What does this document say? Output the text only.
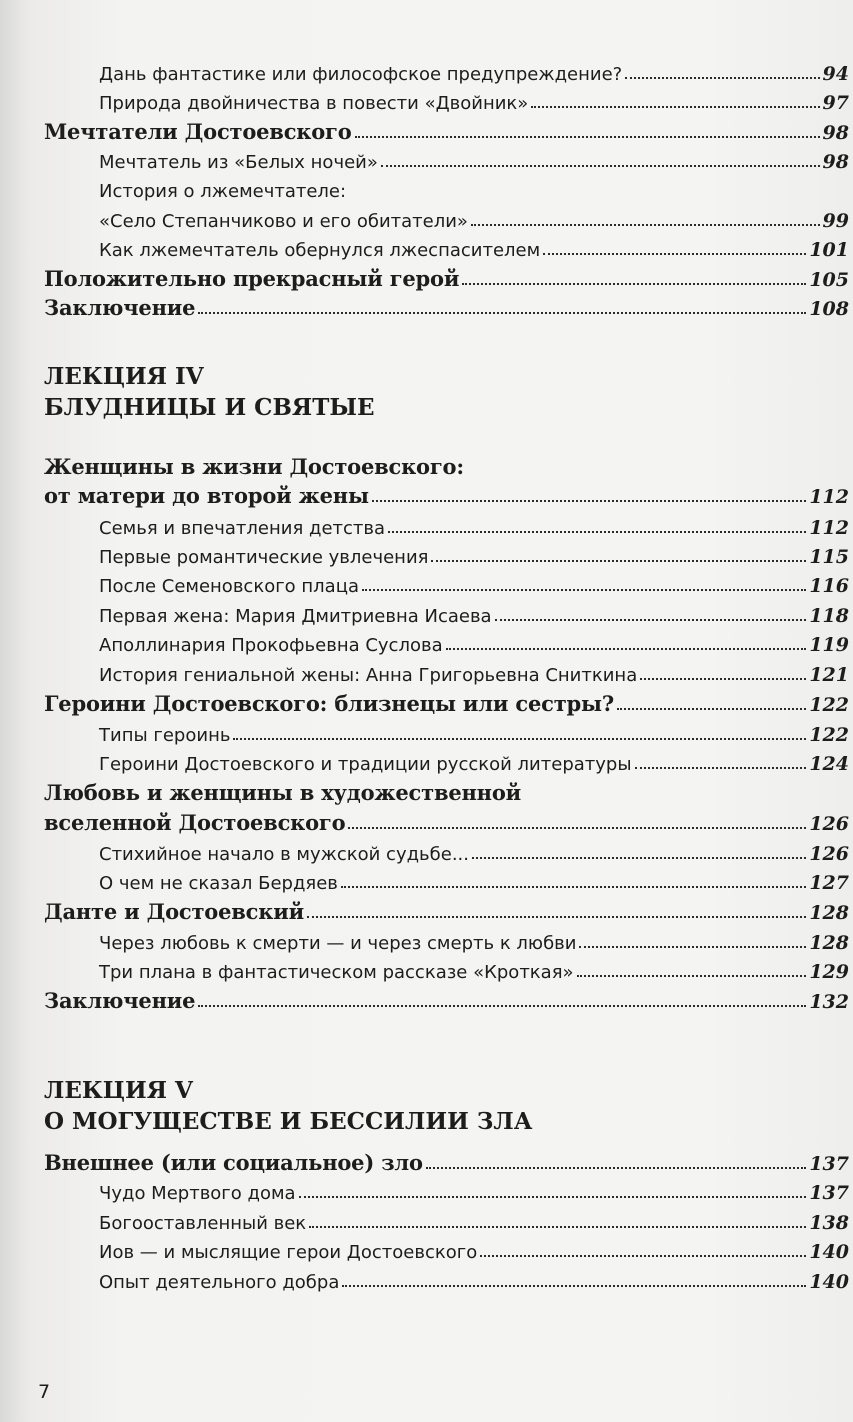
Дань фантастике или философское предупреждение?	94
Природа двойничества в повести «Двойник»	97
Мечтатели Достоевского	98
Мечтатель из «Белых ночей»	98
История о лжемечтателе:
«Село Степанчиково и его обитатели»	99
Как лжемечтатель обернулся лжеспасителем	101
Положительно прекрасный герой	105
Заключение	108
Женщины в жизни Достоевского:
от матери до второй жены	112
Семья и впечатления детства	112
Первые романтические увлечения	115
После Семеновского плаца	116
Первая жена: Мария Дмитриевна Исаева	118
Аполлинария Прокофьевна Суслова	119
История гениальной жены: Анна Григорьевна Сниткина	121
Героини Достоевского: близнецы или сестры?	122
Типы героинь	122
Героини Достоевского и традиции русской литературы	124
Любовь и женщины в художественной
вселенной Достоевского	126
Стихийное начало в мужской судьбе...	126
О чем не сказал Бердяев	127
Данте и Достоевский	128
Через любовь к смерти — и через смерть к любви	128
Три плана в фантастическом рассказе «Кроткая»	129
Заключение	132
Внешнее (или социальное) зло	137
Чудо Мертвого дома	137
Богооставленный век	138
Иов — и мыслящие герои Достоевского	140
Опыт деятельного добра	140
ЛЕКЦИЯ IV
БЛУДНИЦЫ И СВЯТЫЕ
ЛЕКЦИЯ V
О МОГУЩЕСТВЕ И БЕССИЛИИ ЗЛА
7
